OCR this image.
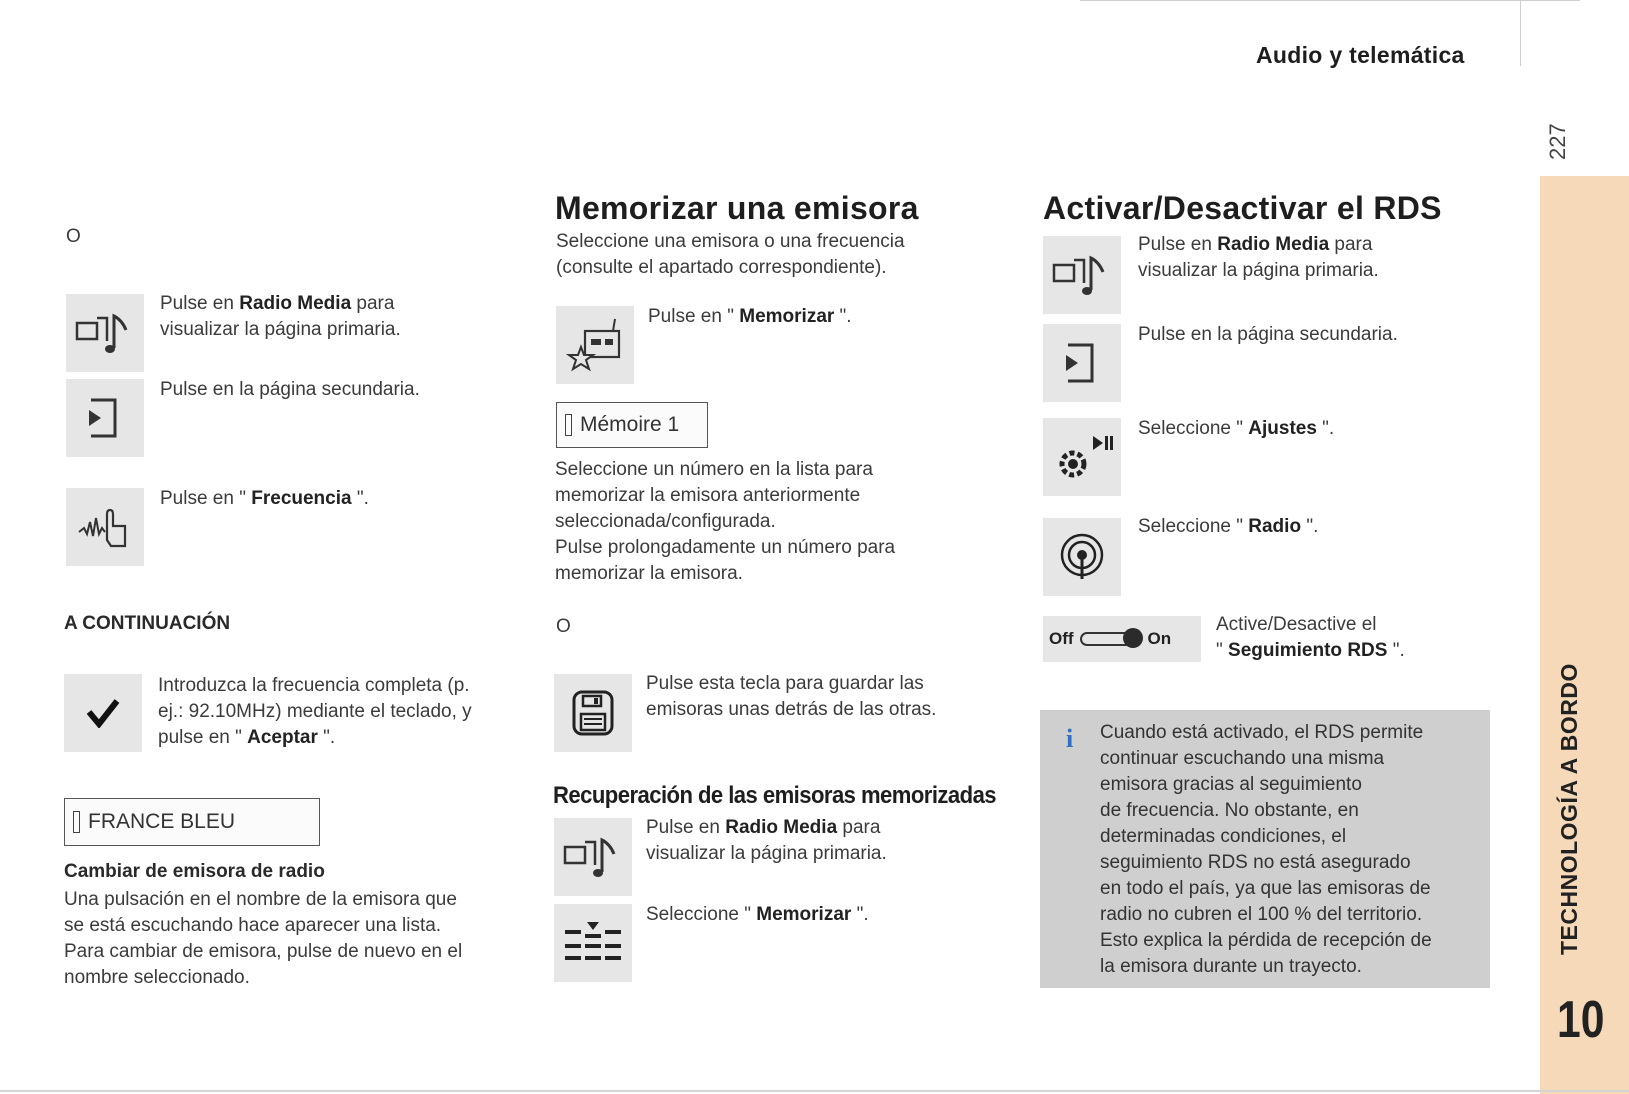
Audio y telemática
227
TECHNOLOGÍA A BORDO
10
O
Pulse en Radio Media para
visualizar la página primaria.
Pulse en la página secundaria.
Pulse en " Frecuencia ".
A CONTINUACIÓN
Introduzca la frecuencia completa (p.
ej.: 92.10MHz) mediante el teclado, y
pulse en " Aceptar ".
FRANCE BLEU
Cambiar de emisora de radio
Una pulsación en el nombre de la emisora que
se está escuchando hace aparecer una lista.
Para cambiar de emisora, pulse de nuevo en el
nombre seleccionado.
Memorizar una emisora
Seleccione una emisora o una frecuencia
(consulte el apartado correspondiente).
Pulse en " Memorizar ".
Mémoire 1
Seleccione un número en la lista para
memorizar la emisora anteriormente
seleccionada/configurada.
Pulse prolongadamente un número para
memorizar la emisora.
O
Pulse esta tecla para guardar las
emisoras unas detrás de las otras.
Recuperación de las emisoras memorizadas
Pulse en Radio Media para
visualizar la página primaria.
Seleccione " Memorizar ".
Activar/Desactivar el RDS
Pulse en Radio Media para
visualizar la página primaria.
Pulse en la página secundaria.
Seleccione " Ajustes ".
Seleccione " Radio ".
Off	On
Active/Desactive el
" Seguimiento RDS ".
i Cuando está activado, el RDS permite
continuar escuchando una misma
emisora gracias al seguimiento
de frecuencia. No obstante, en
determinadas condiciones, el
seguimiento RDS no está asegurado
en todo el país, ya que las emisoras de
radio no cubren el 100 % del territorio.
Esto explica la pérdida de recepción de
la emisora durante un trayecto.
